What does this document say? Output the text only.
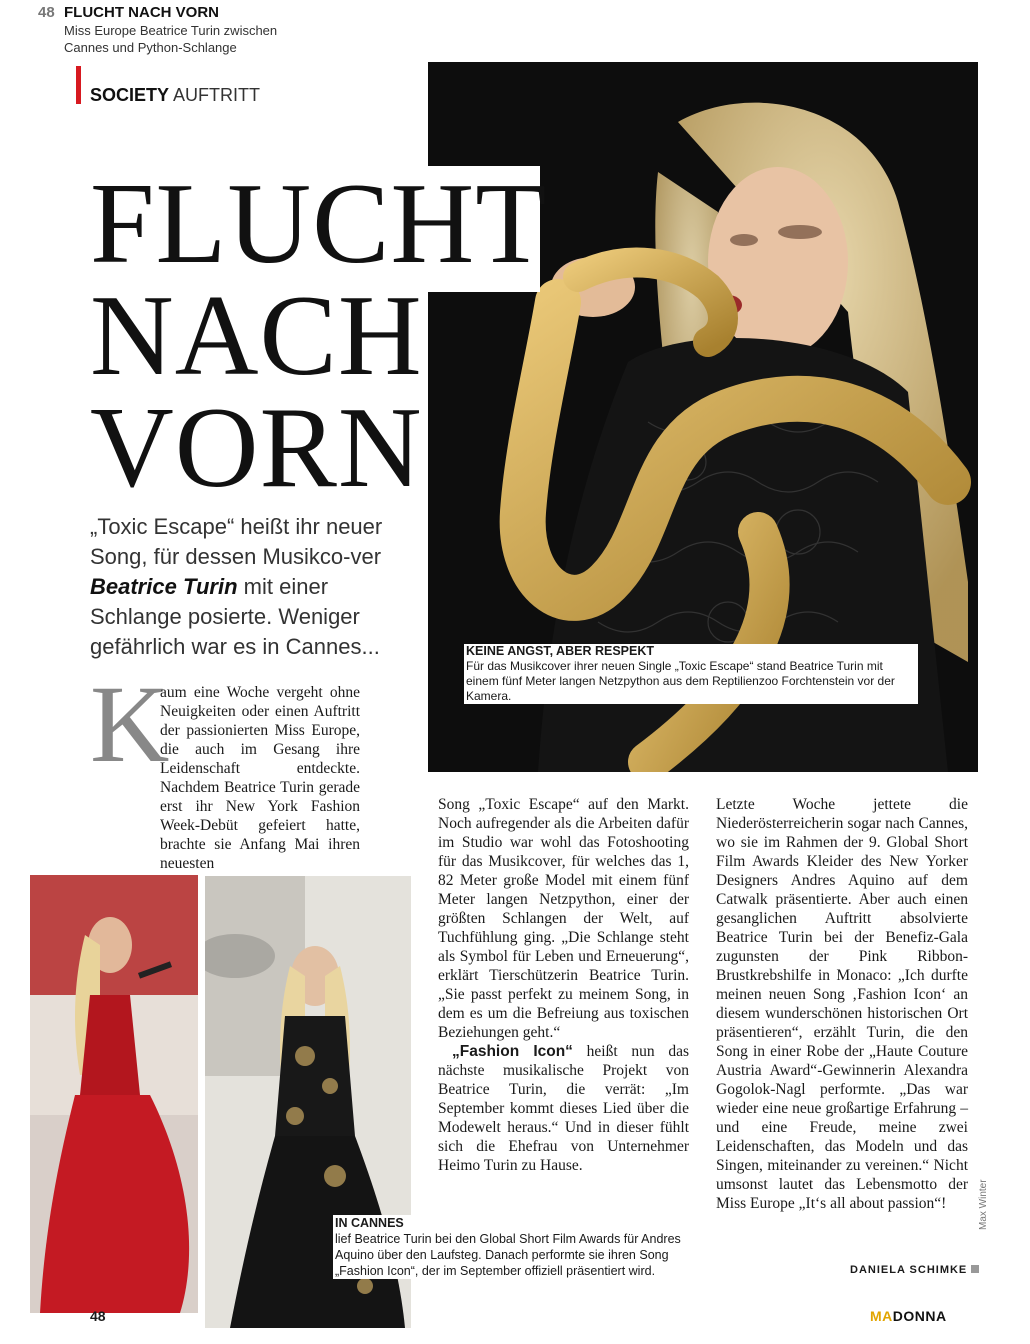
48 FLUCHT NACH VORN
Miss Europe Beatrice Turin zwischen Cannes und Python-Schlange
SOCIETY AUFTRITT
FLUCHT
NACH
VORN
„Toxic Escape“ heißt ihr neuer Song, für dessen Musikco-ver Beatrice Turin mit einer Schlange posierte. Weniger gefährlich war es in Cannes...	KEINE ANGST, ABER RESPEKT
Für das Musikcover ihrer neuen Single „Toxic Escape“ stand Beatrice Turin mit einem fünf Meter langen Netzpython aus dem Reptilienzoo Forchtenstein vor der Kamera.
K
aum eine Woche vergeht ohne Neuigkeiten oder einen Auftritt der passionierten Miss Europe, die auch im Gesang ihre Leidenschaft entdeckte. Nachdem Beatrice Turin gerade erst ihr New York Fashion Week-Debüt gefeiert hatte, brachte sie Anfang Mai ihren neuesten

Song „Toxic Escape“ auf den Markt. Noch aufregender als die Arbeiten dafür im Studio war wohl das Fotoshooting für das Musikcover, für welches das 1, 82 Meter große Model mit einem fünf Meter langen Netzpython, einer der größten Schlangen der Welt, auf Tuchfühlung ging. „Die Schlange steht als Symbol für Leben und Erneuerung“, erklärt Tierschützerin Beatrice Turin. „Sie passt perfekt zu meinem Song, in dem es um die Befreiung aus toxischen Beziehungen geht.“

„Fashion Icon“ heißt nun das nächste musikalische Projekt von Beatrice Turin, die verrät: „Im September kommt dieses Lied über die Modewelt heraus.“ Und in dieser fühlt sich die Ehefrau von Unternehmer Heimo Turin zu Hause.

Letzte Woche jettete die Niederösterreicherin sogar nach Cannes, wo sie im Rahmen der 9. Global Short Film Awards Kleider des New Yorker Designers Andres Aquino auf dem Catwalk präsentierte. Aber auch einen gesanglichen Auftritt absolvierte Beatrice Turin bei der Benefiz-Gala zugunsten der Pink Ribbon-Brustkrebshilfe in Monaco: „Ich durfte meinen neuen Song ‚Fashion Icon‘ an diesem wunderschönen historischen Ort präsentieren“, erzählt Turin, die den Song in einer Robe der „Haute Couture Austria Award“-Gewinnerin Alexandra Gogolok-Nagl performte. „Das war wieder eine neue großartige Erfahrung – und eine Freude, meine zwei Leidenschaften, das Modeln und das Singen, miteinander zu vereinen.“ Nicht umsonst lautet das Lebensmotto der Miss Europe „It‘s all about passion“!
IN CANNES
lief Beatrice Turin bei den Global Short Film Awards für Andres Aquino über den Laufsteg. Danach performte sie ihren Song „Fashion Icon“, der im September offiziell präsentiert wird.	DANIELA SCHIMKE
Max Winter
48	MADONNA
